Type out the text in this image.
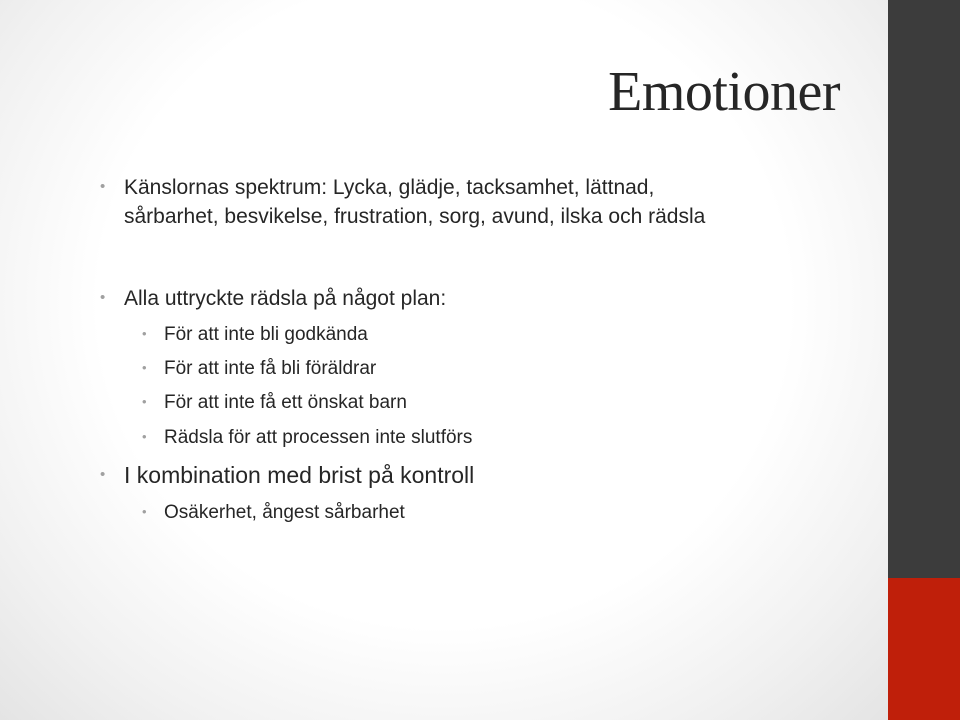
Emotioner
• Känslornas spektrum: Lycka, glädje, tacksamhet, lättnad,
sårbarhet, besvikelse, frustration, sorg, avund, ilska och rädsla
• Alla uttryckte rädsla på något plan:
• För att inte bli godkända
• För att inte få bli föräldrar
• För att inte få ett önskat barn
• Rädsla för att processen inte slutförs
• I kombination med brist på kontroll
• Osäkerhet, ångest sårbarhet
